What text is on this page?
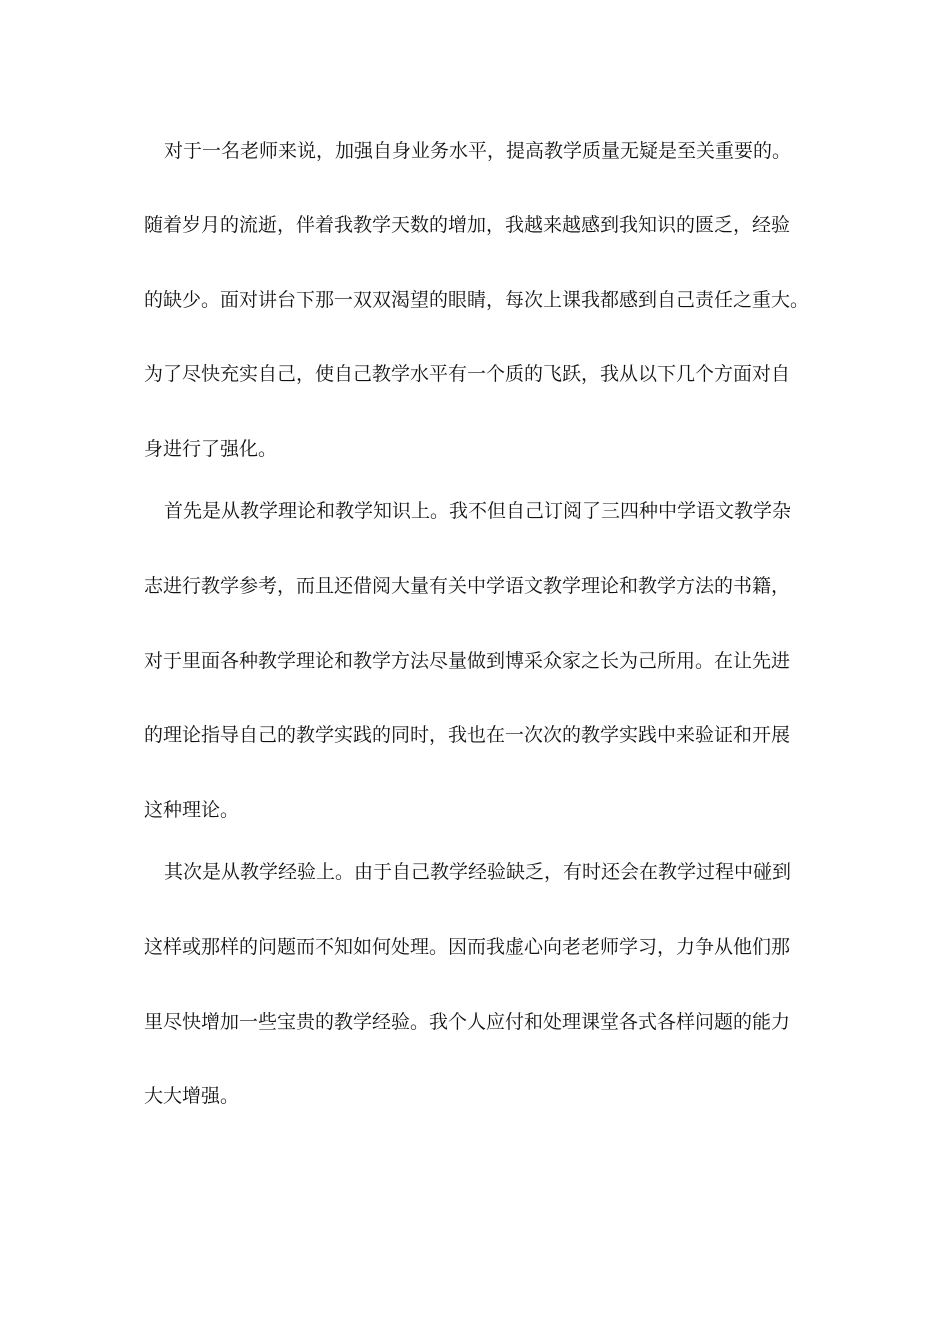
对于一名老师来说，加强自身业务水平，提高教学质量无疑是至关重要的。
随着岁月的流逝，伴着我教学天数的增加，我越来越感到我知识的匮乏，经验
的缺少。面对讲台下那一双双渴望的眼睛，每次上课我都感到自己责任之重大。
为了尽快充实自己，使自己教学水平有一个质的飞跃，我从以下几个方面对自
身进行了强化。
首先是从教学理论和教学知识上。我不但自己订阅了三四种中学语文教学杂
志进行教学参考，而且还借阅大量有关中学语文教学理论和教学方法的书籍，
对于里面各种教学理论和教学方法尽量做到博采众家之长为己所用。在让先进
的理论指导自己的教学实践的同时，我也在一次次的教学实践中来验证和开展
这种理论。
其次是从教学经验上。由于自己教学经验缺乏，有时还会在教学过程中碰到
这样或那样的问题而不知如何处理。因而我虚心向老老师学习，力争从他们那
里尽快增加一些宝贵的教学经验。我个人应付和处理课堂各式各样问题的能力
大大增强。
